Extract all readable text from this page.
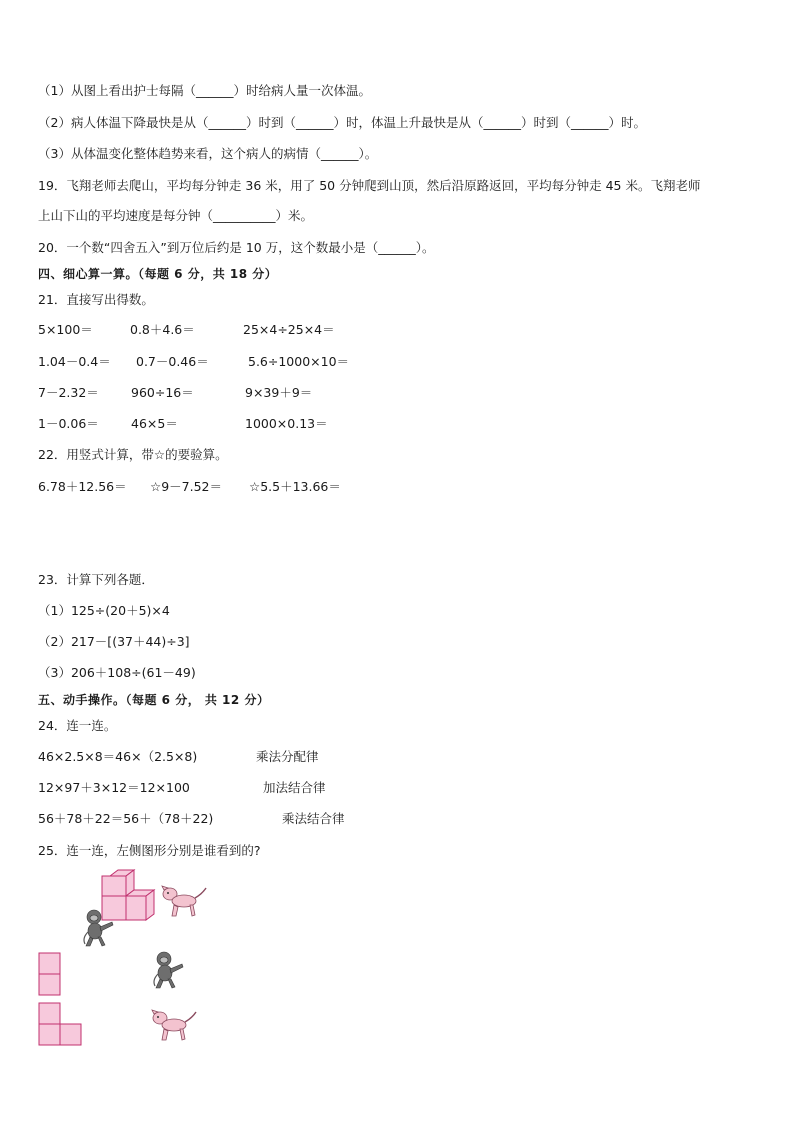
（1）从图上看出护士每隔（______）时给病人量一次体温。
（2）病人体温下降最快是从（______）时到（______）时，体温上升最快是从（______）时到（______）时。
（3）从体温变化整体趋势来看，这个病人的病情（______）。
19．飞翔老师去爬山，平均每分钟走 36 米，用了 50 分钟爬到山顶，然后沿原路返回，平均每分钟走 45 米。飞翔老师
上山下山的平均速度是每分钟（__________）米。
20．一个数“四舍五入”到万位后约是 10 万，这个数最小是（______）。
四、细心算一算。（每题 6 分，共 18 分）
21．直接写出得数。
5×100＝	0.8＋4.6＝	25×4÷25×4＝
1.04－0.4＝ 0.7－0.46＝	5.6÷1000×10＝
7－2.32＝	960÷16＝	9×39＋9＝
1－0.06＝	46×5＝	1000×0.13＝
22．用竖式计算，带☆的要验算。
6.78＋12.56＝ ☆9－7.52＝ ☆5.5＋13.66＝
23．计算下列各题．
（1）125÷(20＋5)×4
（2）217－[(37＋44)÷3]
（3）206＋108÷(61－49)
五、动手操作。（每题 6 分， 共 12 分）
24．连一连。
46×2.5×8＝46×（2.5×8)	乘法分配律
12×97＋3×12＝12×100	加法结合律
56＋78＋22＝56＋（78＋22)	乘法结合律
25．连一连，左侧图形分别是谁看到的?
